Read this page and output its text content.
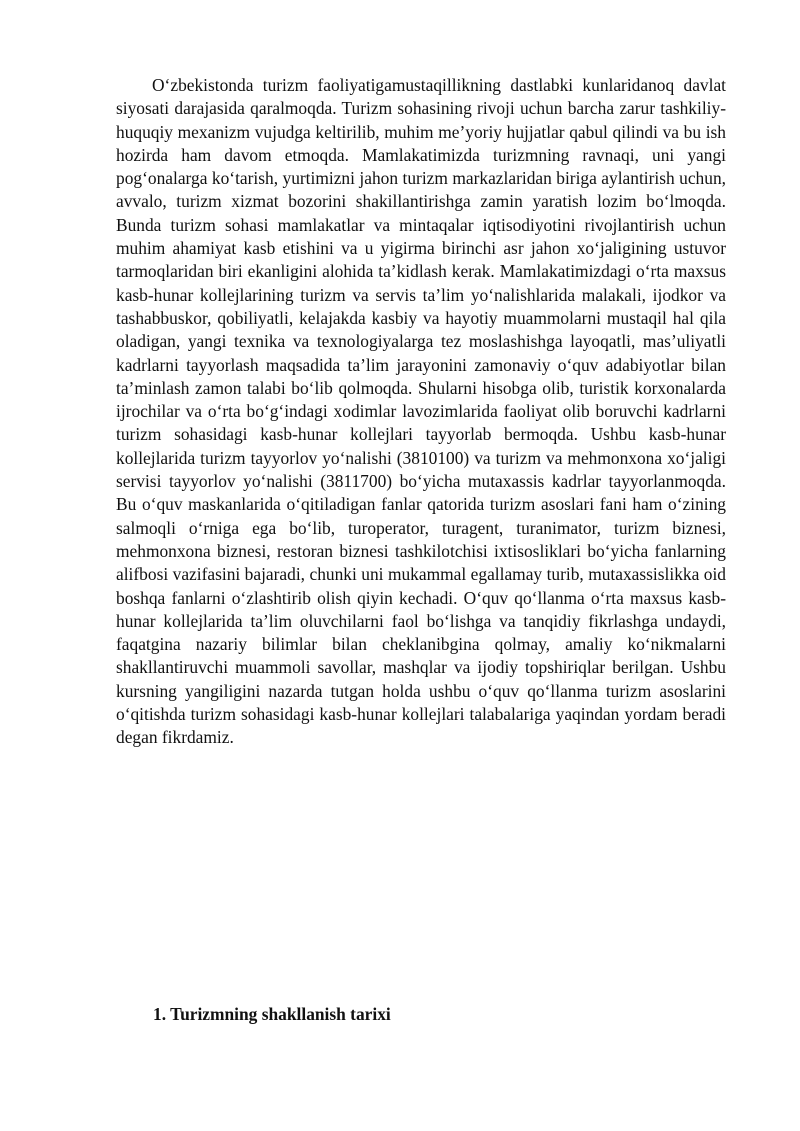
O‘zbekistonda turizm faoliyatigamustaqillikning dastlabki kunlaridanoq davlat siyosati darajasida qaralmoqda. Turizm sohasining rivoji uchun barcha zarur tashkiliy-huquqiy mexanizm vujudga keltirilib, muhim me’yoriy hujjatlar qabul qilindi va bu ish hozirda ham davom etmoqda. Mamlakatimizda turizmning ravnaqi, uni yangi pog‘onalarga ko‘tarish, yurtimizni jahon turizm markazlaridan biriga aylantirish uchun, avvalo, turizm xizmat bozorini shakillantirishga zamin yaratish lozim bo‘lmoqda. Bunda turizm sohasi mamlakatlar va mintaqalar iqtisodiyotini rivojlantirish uchun muhim ahamiyat kasb etishini va u yigirma birinchi asr jahon xo‘jaligining ustuvor tarmoqlaridan biri ekanligini alohida ta’kidlash kerak. Mamlakatimizdagi o‘rta maxsus kasb-hunar kollejlarining turizm va servis ta’lim yo‘nalishlarida malakali, ijodkor va tashabbuskor, qobiliyatli, kelajakda kasbiy va hayotiy muammolarni mustaqil hal qila oladigan, yangi texnika va texnologiyalarga tez moslashishga layoqatli, mas’uliyatli kadrlarni tayyorlash maqsadida ta’lim jarayonini zamonaviy o‘quv adabiyotlar bilan ta’minlash zamon talabi bo‘lib qolmoqda. Shularni hisobga olib, turistik korxonalarda ijrochilar va o‘rta bo‘g‘indagi xodimlar lavozimlarida faoliyat olib boruvchi kadrlarni turizm sohasidagi kasb-hunar kollejlari tayyorlab bermoqda. Ushbu kasb-hunar kollejlarida turizm tayyorlov yo‘nalishi (3810100) va turizm va mehmonxona xo‘jaligi servisi tayyorlov yo‘nalishi (3811700) bo‘yicha mutaxassis kadrlar tayyorlanmoqda. Bu o‘quv maskanlarida o‘qitiladigan fanlar qatorida turizm asoslari fani ham o‘zining salmoqli o‘rniga ega bo‘lib, turoperator, turagent, turanimator, turizm biznesi, mehmonxona biznesi, restoran biznesi tashkilotchisi ixtisosliklari bo‘yicha fanlarning alifbosi vazifasini bajaradi, chunki uni mukammal egallamay turib, mutaxassislikka oid boshqa fanlarni o‘zlashtirib olish qiyin kechadi. O‘quv qo‘llanma o‘rta maxsus kasb-hunar kollejlarida ta’lim oluvchilarni faol bo‘lishga va tanqidiy fikrlashga undaydi, faqatgina nazariy bilimlar bilan cheklanibgina qolmay, amaliy ko‘nikmalarni shakllantiruvchi muammoli savollar, mashqlar va ijodiy topshiriqlar berilgan. Ushbu kursning yangiligini nazarda tutgan holda ushbu o‘quv qo‘llanma turizm asoslarini o‘qitishda turizm sohasidagi kasb-hunar kollejlari talabalariga yaqindan yordam beradi degan fikrdamiz.

1. Turizmning shakllanish tarixi
